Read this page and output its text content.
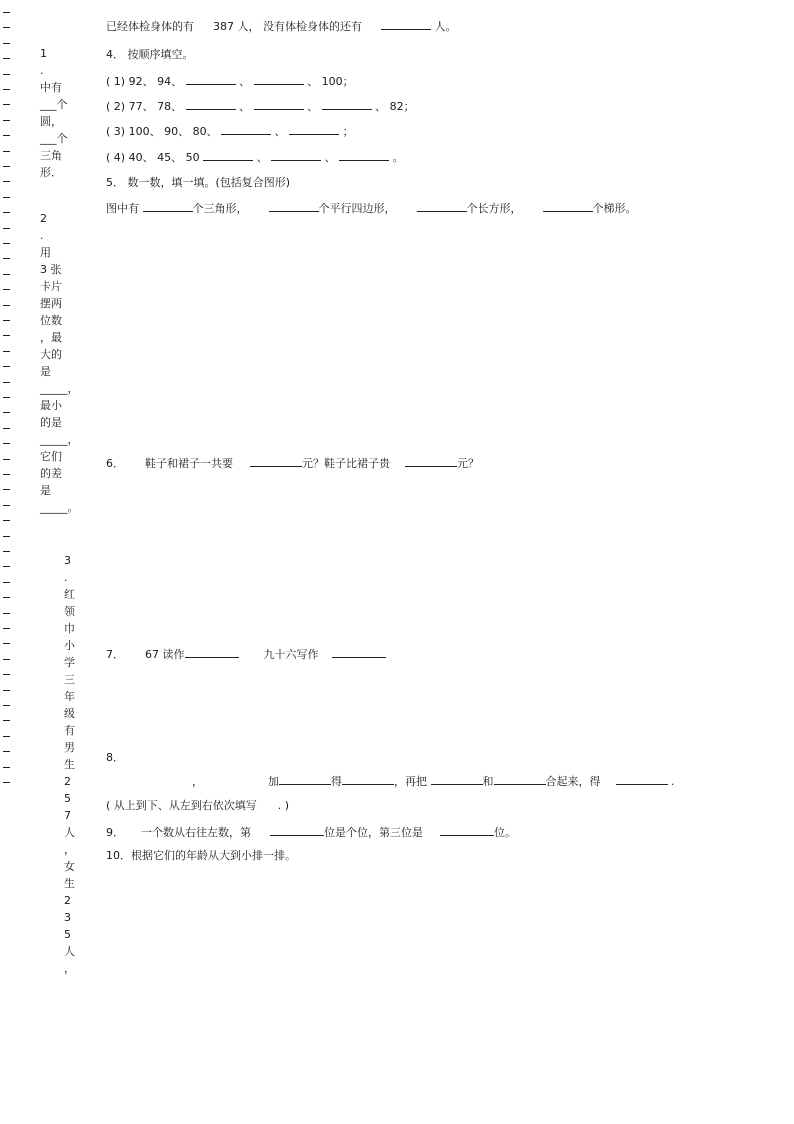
1
.
中有
___个
圆，
___个
三角
形．
2
.
用
3 张
卡片
摆两
位数
，最
大的
是
_____，
最小
的是
_____，
它们
的差
是
_____。
3
.
红
领
巾
小
学
三
年
级
有
男
生
2
5
7
人
，
女
生
2
3
5
人
，
已经体检身体的有 387 人， 没有体检身体的还有	人。
4． 按顺序填空。
( 1) 92、 94、	、	、 100；
( 2) 77、 78、	、	、	、 82；
( 3) 100、 90、 80、	、	；
( 4) 40、 45、 50	、	、	。
5． 数一数，填一填。(包括复合图形)
图中有	个三角形，	个平行四边形，	个长方形，	个梯形。
6． 鞋子和裙子一共要	元？鞋子比裙子贵	元？
7． 67 读作	九十六写作
8．
，	加	得	，再把	和	合起来，得	.
( 从上到下、从左到右依次填写 . )
9． 一个数从右往左数，第	位是个位，第三位是	位。
10．根据它们的年龄从大到小排一排。
